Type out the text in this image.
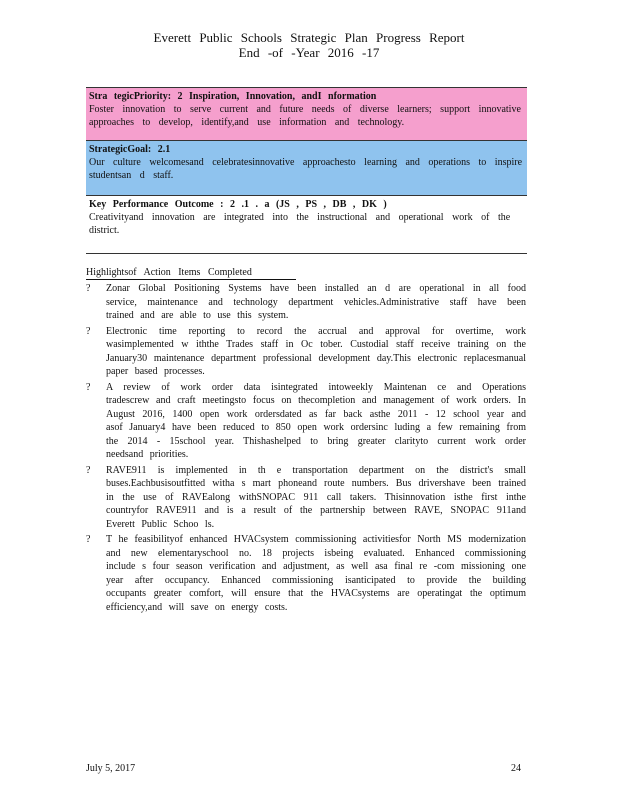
Everett Public Schools Strategic Plan Progress Report
End -of -Year 2016 -17
Stra tegicPriority: 2 Inspiration, Innovation, andI nformation
Foster innovation to serve current and future needs of diverse learners; support innovative approaches to develop, identify,and use information and technology.
StrategicGoal: 2.1
Our culture welcomesand celebratesinnovative approachesto learning and operations to inspire studentsan d staff.
Key Performance Outcome : 2 .1 . a (JS , PS , DB , DK )
Creativityand innovation are integrated into the instructional and operational work of the district.
Highlightsof Action Items Completed
? Zonar Global Positioning Systems have been installed an d are operational in all food service, maintenance and technology department vehicles.Administrative staff have been trained and are able to use this system.
? Electronic time reporting to record the accrual and approval for overtime, work wasimplemented w iththe Trades staff in Oc tober. Custodial staff receive training on the January30 maintenance department professional development day.This electronic replacesmanual paper based processes.
? A review of work order data isintegrated intoweekly Maintenan ce and Operations tradescrew and craft meetingsto focus on thecompletion and management of work orders. In August 2016, 1400 open work ordersdated as far back asthe 2011 - 12 school year and asof January4 have been reduced to 850 open work ordersinc luding a few remaining from the 2014 - 15school year. Thishashelped to bring greater clarityto current work order needsand priorities.
? RAVE911 is implemented in th e transportation department on the district's small buses.Eachbusisoutfitted witha s mart phoneand route numbers. Bus drivershave been trained in the use of RAVEalong withSNOPAC 911 call takers. Thisinnovation isthe first inthe countryfor RAVE911 and is a result of the partnership between RAVE, SNOPAC 911and Everett Public Schoo ls.
? T he feasibilityof enhanced HVACsystem commissioning activitiesfor North MS modernization and new elementaryschool no. 18 projects isbeing evaluated. Enhanced commissioning include s four season verification and adjustment, as well asa final re -com missioning one year after occupancy. Enhanced commissioning isanticipated to provide the building occupants greater comfort, will ensure that the HVACsystems are operatingat the optimum efficiency,and will save on energy costs.
July 5, 2017	24
